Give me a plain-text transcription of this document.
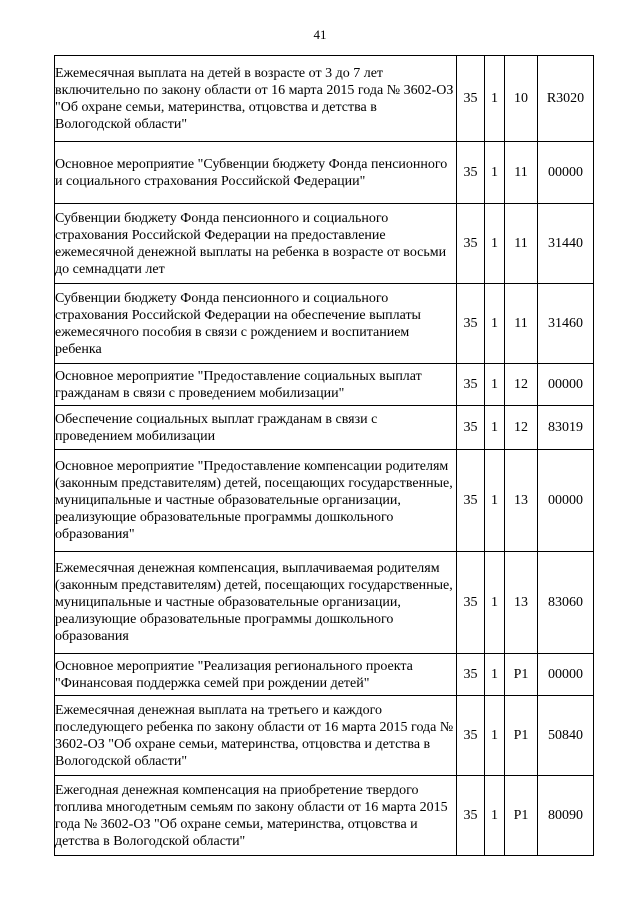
41
Ежемесячная выплата на детей в возрасте от 3 до 7 лет включительно по закону области от 16 марта 2015 года № 3602-ОЗ "Об охране семьи, материнства, отцовства и детства в Вологодской области"	35	1	10	R3020
Основное мероприятие "Субвенции бюджету Фонда пенсионного и социального страхования Российской Федерации"	35	1	11	00000
Субвенции бюджету Фонда пенсионного и социального страхования Российской Федерации на предоставление ежемесячной денежной выплаты на ребенка в возрасте от восьми до семнадцати лет	35	1	11	31440
Субвенции бюджету Фонда пенсионного и социального страхования Российской Федерации на обеспечение выплаты ежемесячного пособия в связи с рождением и воспитанием ребенка	35	1	11	31460
Основное мероприятие "Предоставление социальных выплат гражданам в связи с проведением мобилизации"	35	1	12	00000
Обеспечение социальных выплат гражданам в связи с проведением мобилизации	35	1	12	83019
Основное мероприятие "Предоставление компенсации родителям (законным представителям) детей, посещающих государственные, муниципальные и частные образовательные организации, реализующие образовательные программы дошкольного образования"	35	1	13	00000
Ежемесячная денежная компенсация, выплачиваемая родителям (законным представителям) детей, посещающих государственные, муниципальные и частные образовательные организации, реализующие образовательные программы дошкольного образования	35	1	13	83060
Основное мероприятие "Реализация регионального проекта "Финансовая поддержка семей при рождении детей"	35	1	P1	00000
Ежемесячная денежная выплата на третьего и каждого последующего ребенка по закону области от 16 марта 2015 года № 3602-ОЗ "Об охране семьи, материнства, отцовства и детства в Вологодской области"	35	1	P1	50840
Ежегодная денежная компенсация на приобретение твердого топлива многодетным семьям по закону области от 16 марта 2015 года № 3602-ОЗ "Об охране семьи, материнства, отцовства и детства в Вологодской области"	35	1	P1	80090
